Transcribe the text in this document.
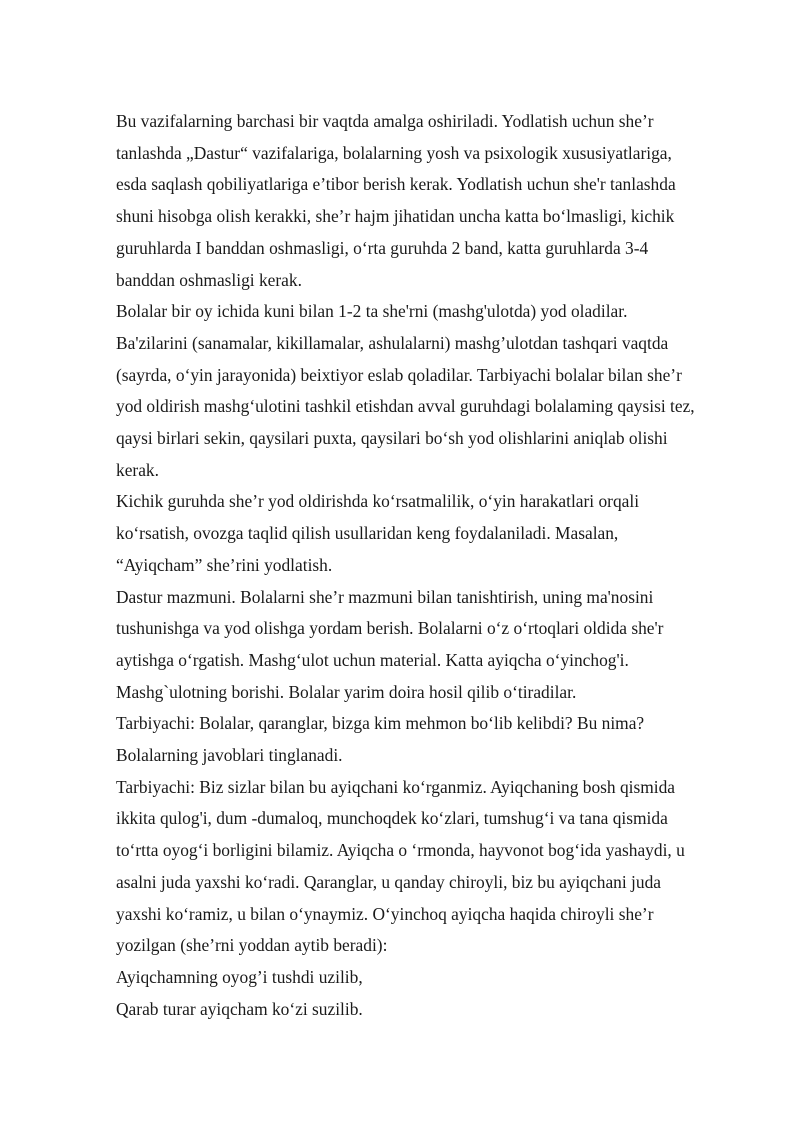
Bu vazifalarning barchasi bir vaqtda amalga oshiriladi. Yodlatish uchun she’r

tanlashda „Dastur“ vazifalariga, bolalarning yosh va psixologik xususiyatlariga,

esda saqlash qobiliyatlariga e’tibor berish kerak. Yodlatish uchun she'r tanlashda

shuni hisobga olish kerakki, she’r hajm jihatidan uncha katta boʻlmasligi, kichik

guruhlarda I banddan oshmasligi, oʻrta guruhda 2 band, katta guruhlarda 3-4

banddan oshmasligi kerak.

Bolalar bir oy ichida kuni bilan 1-2 ta she'rni (mashg'ulotda) yod oladilar.

Ba'zilarini (sanamalar, kikillamalar, ashulalarni) mashg’ulotdan tashqari vaqtda

(sayrda, oʻyin jarayonida) beixtiyor eslab qoladilar. Tarbiyachi bolalar bilan she’r

yod oldirish mashgʻulotini tashkil etishdan avval guruhdagi bolalaming qaysisi tez,

qaysi birlari sekin, qaysilari puxta, qaysilari boʻsh yod olishlarini aniqlab olishi

kerak.

Kichik guruhda she’r yod oldirishda koʻrsatmalilik, oʻyin harakatlari orqali

koʻrsatish, ovozga taqlid qilish usullaridan keng foydalaniladi. Masalan,

“Ayiqcham” she’rini yodlatish.

Dastur mazmuni. Bolalarni she’r mazmuni bilan tanishtirish, uning ma'nosini

tushunishga va yod olishga yordam berish. Bolalarni oʻz oʻrtoqlari oldida she'r

aytishga oʻrgatish. Mashgʻulot uchun material. Katta ayiqcha oʻyinchog'i.

Mashg`ulotning borishi. Bolalar yarim doira hosil qilib oʻtiradilar.

Tarbiyachi: Bolalar, qaranglar, bizga kim mehmon boʻlib kelibdi? Bu nima?

Bolalarning javoblari tinglanadi.

Tarbiyachi: Biz sizlar bilan bu ayiqchani koʻrganmiz. Ayiqchaning bosh qismida

ikkita qulog'i, dum -dumaloq, munchoqdek koʻzlari, tumshugʻi va tana qismida

toʻrtta oyogʻi borligini bilamiz. Ayiqcha o ʻrmonda, hayvonot bogʻida yashaydi, u

asalni juda yaxshi koʻradi. Qaranglar, u qanday chiroyli, biz bu ayiqchani juda

yaxshi koʻramiz, u bilan oʻynaymiz. Oʻyinchoq ayiqcha haqida chiroyli she’r

yozilgan (she’rni yoddan aytib beradi):

Ayiqchamning oyog’i tushdi uzilib,

Qarab turar ayiqcham koʻzi suzilib.
